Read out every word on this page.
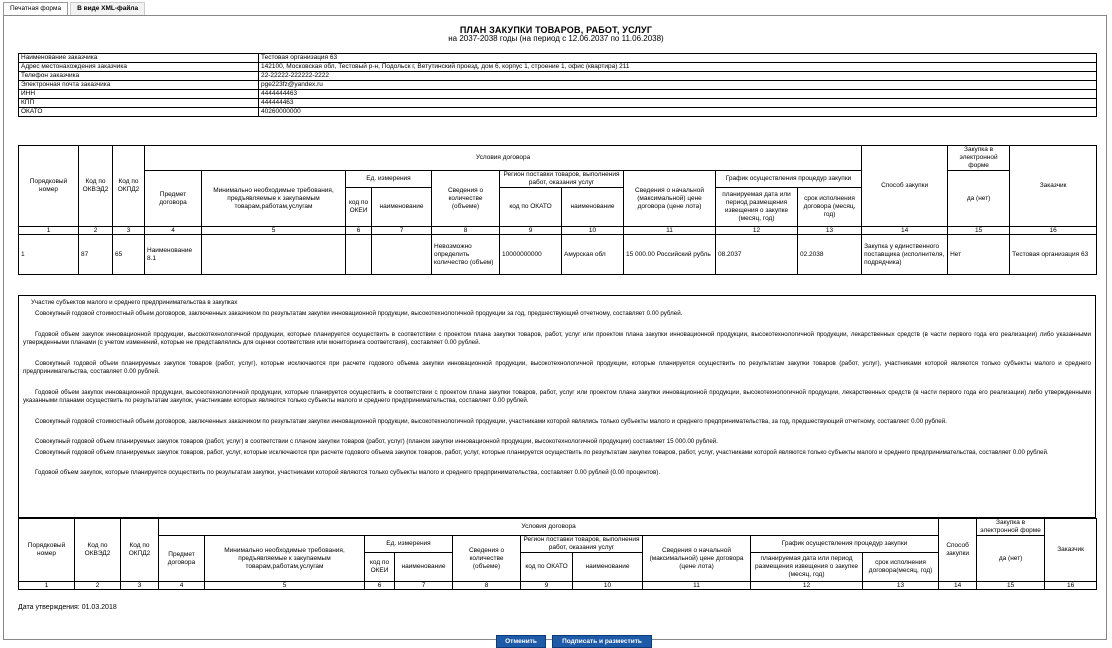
Печатная форма	В виде XML-файла
ПЛАН ЗАКУПКИ ТОВАРОВ, РАБОТ, УСЛУГ
на 2037-2038 годы (на период с 12.06.2037 по 11.06.2038)
Наименование заказчика	Тестовая организация 63
Адрес местонахождения заказчика	142100, Московская обл, Тестовый р-н, Подольск г, Ветутинский проезд, дом 6, корпус 1, строение 1, офис (квартира) 211
Телефон заказчика	22-22222-222222-2222
Электронная почта заказчика	pge223fz@yandex.ru
ИНН	4444444463
КПП	444444463
ОКАТО	40260000000
Порядковый номер	Код по ОКВЭД2	Код по ОКПД2	Условия договора										Способ закупки	Закупка в электронной форме	Заказчик
			Предмет договора	Минимально необходимые требования, предъявляемые к закупаемым товарам,работам,услугам	Ед. измерения		Сведения о количестве (объеме)	Регион поставки товаров, выполнения работ, оказания услуг		Сведения о начальной (максимальной) цене договора (цене лота)	График осуществления процедур закупки			да (нет)	
					код по ОКЕИ	наименование		код по ОКАТО	наименование		планируемая дата или период размещения извещения о закупке (месяц, год)	срок исполнения договора (месяц, год)			
1	2	3	4	5	6	7	8	9	10	11	12	13	14	15	16
1	87	65	Наименование 8.1				Невозможно определить количество (объем)	10000000000	Амурская обл	15 000.00 Российский рубль	08.2037	02.2038	Закупка у единственного поставщика (исполнителя, подрядчика)	Нет	Тестовая организация 63

Участие субъектов малого и среднего предпринимательства в закупках

Совокупный годовой стоимостный объем договоров, заключенных заказчиком по результатам закупки инновационной продукции, высокотехнологичной продукции за год, предшествующий отчетному, составляет 0.00 рублей.

Годовой объем закупок инновационной продукции, высокотехнологичной продукции, которые планируется осуществить в соответствии с проектом плана закупки товаров, работ, услуг или проектом плана закупки инновационной продукции, высокотехнологичной продукции, лекарственных средств (в части первого года его реализации) либо указанными утвержденными планами (с учетом изменений, которые не представлялись для оценки соответствия или мониторинга соответствия), составляет 0.00 рублей.

Совокупный годовой объем планируемых закупок товаров (работ, услуг), которые исключаются при расчете годового объема закупки инновационной продукции, высокотехнологичной продукции, которые планируется осуществить по результатам закупки товаров (работ, услуг), участниками которой являются только субъекты малого и среднего предпринимательства, составляет 0.00 рублей.

Годовой объем закупок инновационной продукции, высокотехнологичной продукции, которые планируется осуществить в соответствии с проектом плана закупки товаров, работ, услуг или проектом плана закупки инновационной продукции, высокотехнологичной продукции, лекарственных средств (в части первого года его реализации) либо утвержденными указанными планами осуществить по результатам закупок, участниками которых являются только субъекты малого и среднего предпринимательства, составляет 0.00 рублей.

Совокупный годовой стоимостный объем договоров, заключенных заказчиком по результатам закупки инновационной продукции, высокотехнологичной продукции, участниками которой являлись только субъекты малого и среднего предпринимательства, за год, предшествующий отчетному, составляет 0.00 рублей.

Совокупный годовой объем планируемых закупок товаров (работ, услуг) в соответствии с планом закупки товаров (работ, услуг) (планом закупки инновационной продукции, высокотехнологичной продукции) составляет 15 000.00 рублей.

Совокупный годовой объем планируемых закупок товаров, работ, услуг, которые исключаются при расчете годового объема закупок товаров, работ, услуг, которые планируется осуществить по результатам закупки товаров, работ, услуг, участниками которой являются только субъекты малого и среднего предпринимательства, составляет 0.00 рублей.

Годовой объем закупок, которые планируется осуществить по результатам закупки, участниками которой являются только субъекты малого и среднего предпринимательства, составляет 0.00 рублей (0.00 процентов).

Порядковый номер	Код по ОКВЭД2	Код по ОКПД2	Условия договора										Способ закупки	Закупка в электронной форме	Заказчик
			Предмет договора	Минимально необходимые требования, предъявляемые к закупаемым товарам,работам,услугам	Ед. измерения		Сведения о количестве (объеме)	Регион поставки товаров, выполнения работ, оказания услуг		Сведения о начальной (максимальной) цене договора (цене лота)	График осуществления процедур закупки			да (нет)	
					код по ОКЕИ	наименование		код по ОКАТО	наименование		планируемая дата или период размещения извещения о закупке (месяц, год)	срок исполнения договора(месяц, год)			
1	2	3	4	5	6	7	8	9	10	11	12	13	14	15	16
Дата утверждения: 01.03.2018
Отменить	Подписать и разместить
